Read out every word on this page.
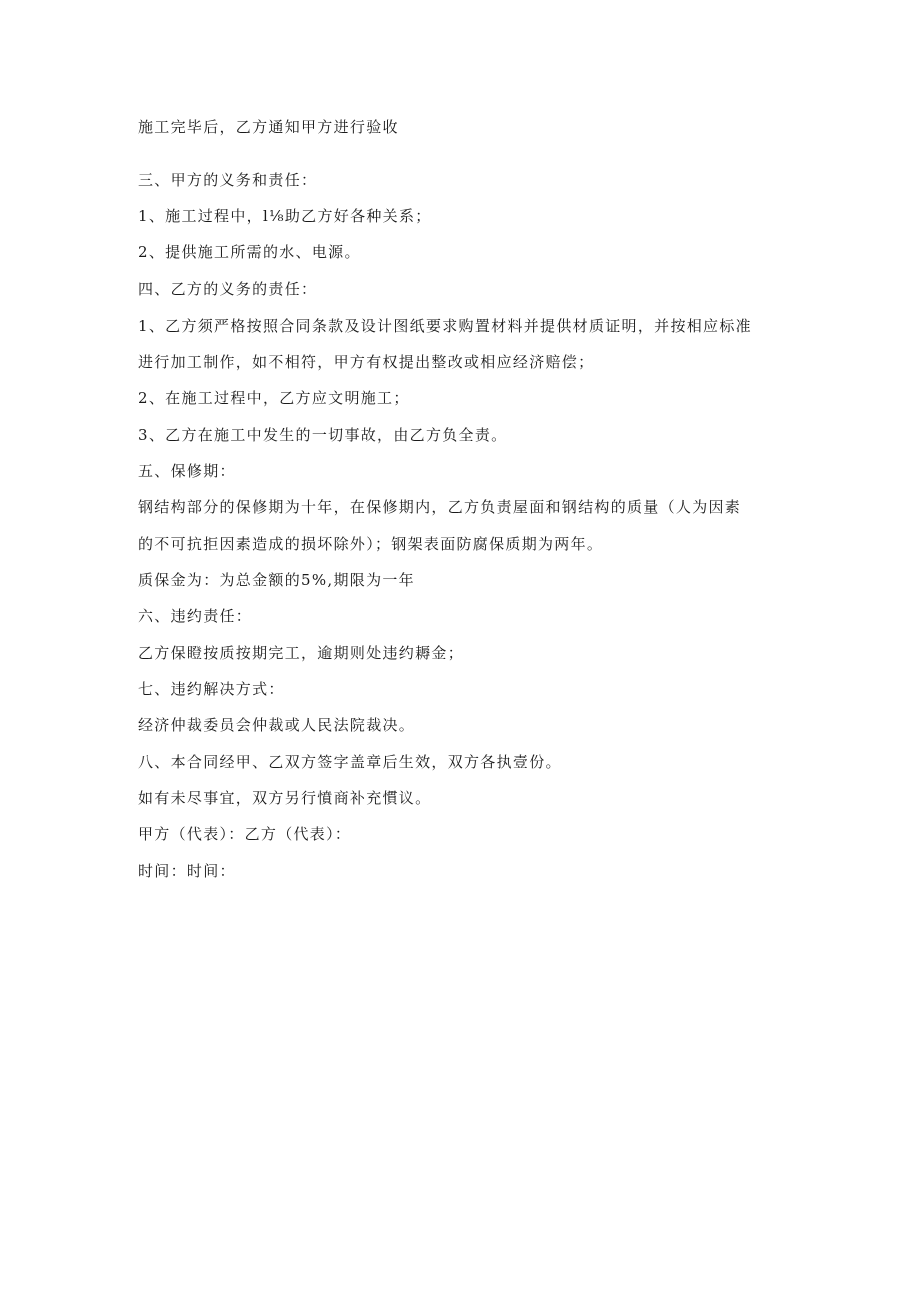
施工完毕后，乙方通知甲方进行验收
三、甲方的义务和责任：
1、施工过程中，l⅛助乙方好各种关系；
2、提供施工所需的水、电源。
四、乙方的义务的责任：
1、乙方须严格按照合同条款及设计图纸要求购置材料并提供材质证明，并按相应标准
进行加工制作，如不相符，甲方有权提出整改或相应经济赔偿；
2、在施工过程中，乙方应文明施工；
3、乙方在施工中发生的一切事故，由乙方负全责。
五、保修期：
钢结构部分的保修期为十年，在保修期内，乙方负责屋面和钢结构的质量（人为因素
的不可抗拒因素造成的损坏除外）；钢架表面防腐保质期为两年。
质保金为：为总金额的5%,期限为一年
六、违约责任：
乙方保瞪按质按期完工，逾期则处违约耨金；
七、违约解决方式：
经济仲裁委员会仲裁或人民法院裁决。
八、本合同经甲、乙双方签字盖章后生效，双方各执壹份。
如有未尽事宜，双方另行憤商补充慣议。
甲方（代表）：乙方（代表）：
时间：时间：
